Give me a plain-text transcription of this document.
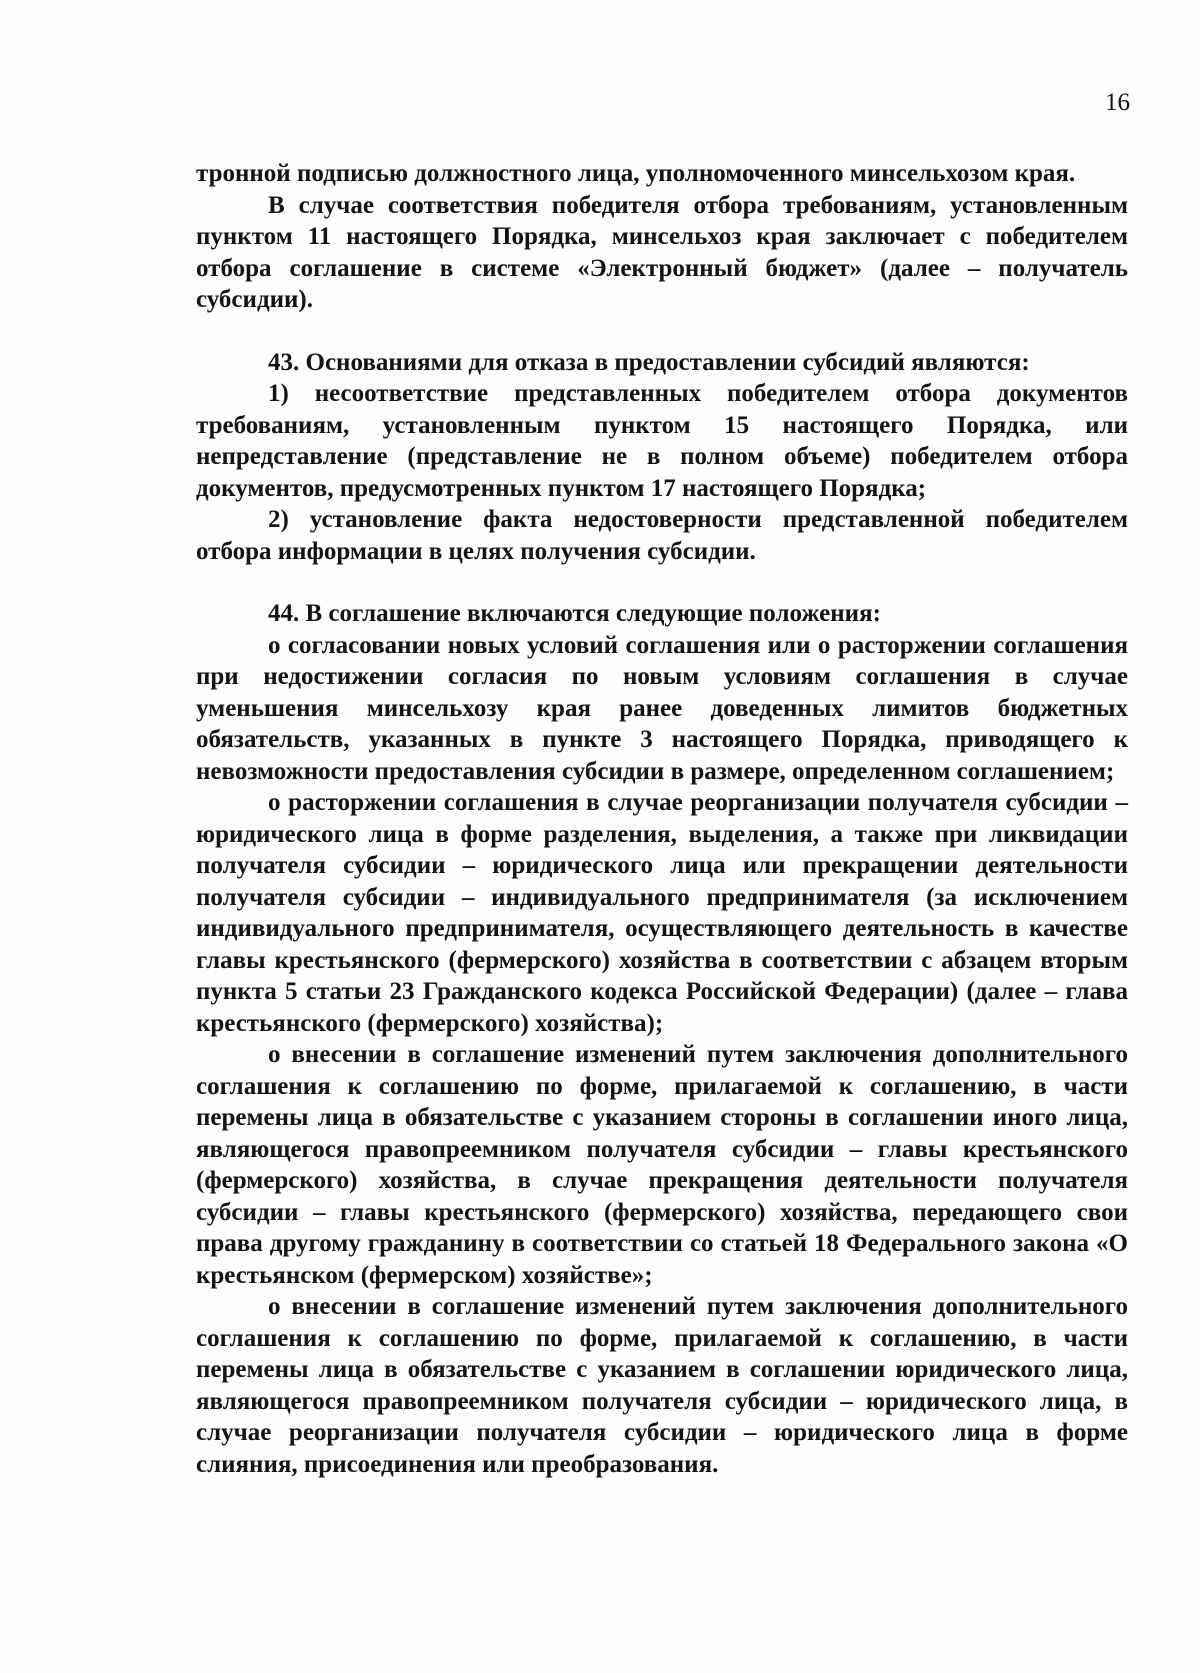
16

тронной подписью должностного лица, уполномоченного минсельхозом края.

В случае соответствия победителя отбора требованиям, установленным пунктом 11 настоящего Порядка, минсельхоз края заключает с победителем отбора соглашение в системе «Электронный бюджет» (далее – получатель субсидии).

43. Основаниями для отказа в предоставлении субсидий являются:

1) несоответствие представленных победителем отбора документов требованиям, установленным пунктом 15 настоящего Порядка, или непредставление (представление не в полном объеме) победителем отбора документов, предусмотренных пунктом 17 настоящего Порядка;

2) установление факта недостоверности представленной победителем отбора информации в целях получения субсидии.

44. В соглашение включаются следующие положения:

о согласовании новых условий соглашения или о расторжении соглашения при недостижении согласия по новым условиям соглашения в случае уменьшения минсельхозу края ранее доведенных лимитов бюджетных обязательств, указанных в пункте 3 настоящего Порядка, приводящего к невозможности предоставления субсидии в размере, определенном соглашением;

о расторжении соглашения в случае реорганизации получателя субсидии – юридического лица в форме разделения, выделения, а также при ликвидации получателя субсидии – юридического лица или прекращении деятельности получателя субсидии – индивидуального предпринимателя (за исключением индивидуального предпринимателя, осуществляющего деятельность в качестве главы крестьянского (фермерского) хозяйства в соответствии с абзацем вторым пункта 5 статьи 23 Гражданского кодекса Российской Федерации) (далее – глава крестьянского (фермерского) хозяйства);

о внесении в соглашение изменений путем заключения дополнительного соглашения к соглашению по форме, прилагаемой к соглашению, в части перемены лица в обязательстве с указанием стороны в соглашении иного лица, являющегося правопреемником получателя субсидии – главы крестьянского (фермерского) хозяйства, в случае прекращения деятельности получателя субсидии – главы крестьянского (фермерского) хозяйства, передающего свои права другому гражданину в соответствии со статьей 18 Федерального закона «О крестьянском (фермерском) хозяйстве»;

о внесении в соглашение изменений путем заключения дополнительного соглашения к соглашению по форме, прилагаемой к соглашению, в части перемены лица в обязательстве с указанием в соглашении юридического лица, являющегося правопреемником получателя субсидии – юридического лица, в случае реорганизации получателя субсидии – юридического лица в форме слияния, присоединения или преобразования.
